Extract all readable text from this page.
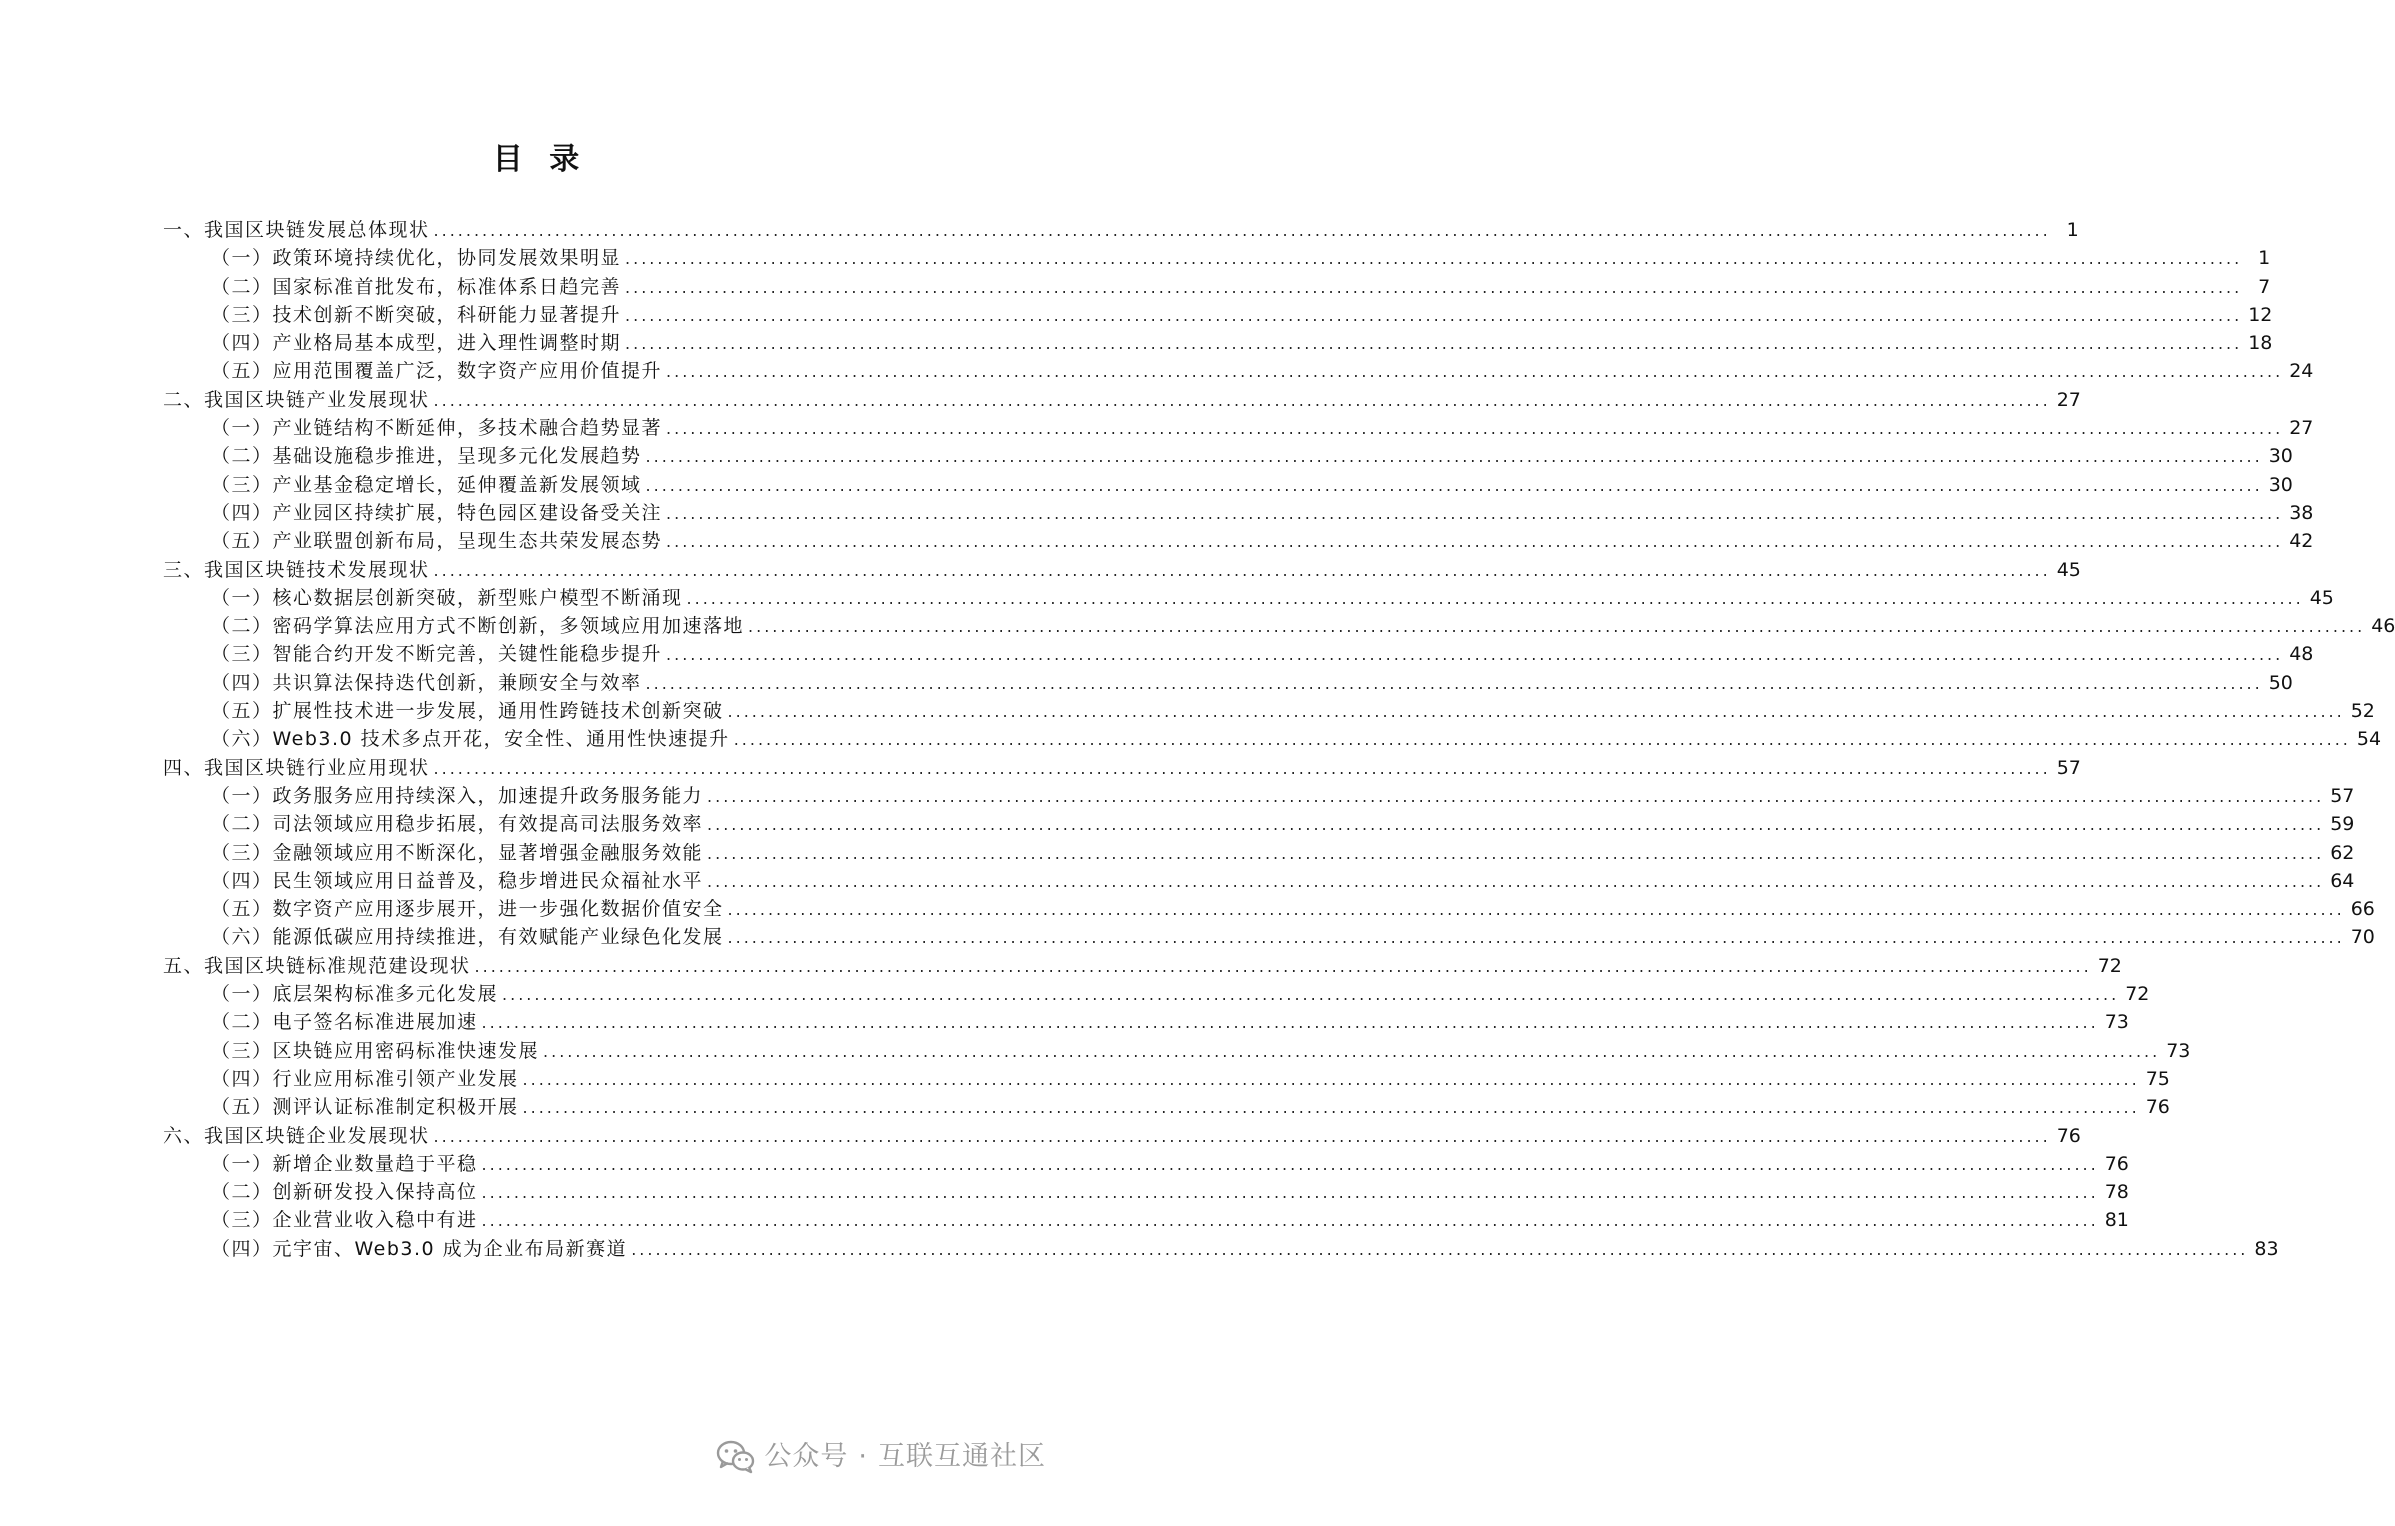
目 录
一、我国区块链发展总体现状 ........................................................................................................................................................................................................ 1
（一）政策环境持续优化，协同发展效果明显 ........................................................................................................................................................................................................ 1
（二）国家标准首批发布，标准体系日趋完善 ........................................................................................................................................................................................................ 7
（三）技术创新不断突破，科研能力显著提升 ........................................................................................................................................................................................................ 12
（四）产业格局基本成型，进入理性调整时期 ........................................................................................................................................................................................................ 18
（五）应用范围覆盖广泛，数字资产应用价值提升 ........................................................................................................................................................................................................ 24
二、我国区块链产业发展现状 ........................................................................................................................................................................................................ 27
（一）产业链结构不断延伸，多技术融合趋势显著 ........................................................................................................................................................................................................ 27
（二）基础设施稳步推进，呈现多元化发展趋势 ........................................................................................................................................................................................................ 30
（三）产业基金稳定增长，延伸覆盖新发展领域 ........................................................................................................................................................................................................ 30
（四）产业园区持续扩展，特色园区建设备受关注 ........................................................................................................................................................................................................ 38
（五）产业联盟创新布局，呈现生态共荣发展态势 ........................................................................................................................................................................................................ 42
三、我国区块链技术发展现状 ........................................................................................................................................................................................................ 45
（一）核心数据层创新突破，新型账户模型不断涌现 ........................................................................................................................................................................................................ 45
（二）密码学算法应用方式不断创新，多领域应用加速落地 ........................................................................................................................................................................................................ 46
（三）智能合约开发不断完善，关键性能稳步提升 ........................................................................................................................................................................................................ 48
（四）共识算法保持迭代创新，兼顾安全与效率 ........................................................................................................................................................................................................ 50
（五）扩展性技术进一步发展，通用性跨链技术创新突破 ........................................................................................................................................................................................................ 52
（六）Web3.0 技术多点开花，安全性、通用性快速提升 ........................................................................................................................................................................................................ 54
四、我国区块链行业应用现状 ........................................................................................................................................................................................................ 57
（一）政务服务应用持续深入，加速提升政务服务能力 ........................................................................................................................................................................................................ 57
（二）司法领域应用稳步拓展，有效提高司法服务效率 ........................................................................................................................................................................................................ 59
（三）金融领域应用不断深化，显著增强金融服务效能 ........................................................................................................................................................................................................ 62
（四）民生领域应用日益普及，稳步增进民众福祉水平 ........................................................................................................................................................................................................ 64
（五）数字资产应用逐步展开，进一步强化数据价值安全 ........................................................................................................................................................................................................ 66
（六）能源低碳应用持续推进，有效赋能产业绿色化发展 ........................................................................................................................................................................................................ 70
五、我国区块链标准规范建设现状 ........................................................................................................................................................................................................ 72
（一）底层架构标准多元化发展 ........................................................................................................................................................................................................ 72
（二）电子签名标准进展加速 ........................................................................................................................................................................................................ 73
（三）区块链应用密码标准快速发展 ........................................................................................................................................................................................................ 73
（四）行业应用标准引领产业发展 ........................................................................................................................................................................................................ 75
（五）测评认证标准制定积极开展 ........................................................................................................................................................................................................ 76
六、我国区块链企业发展现状 ........................................................................................................................................................................................................ 76
（一）新增企业数量趋于平稳 ........................................................................................................................................................................................................ 76
（二）创新研发投入保持高位 ........................................................................................................................................................................................................ 78
（三）企业营业收入稳中有进 ........................................................................................................................................................................................................ 81
（四）元宇宙、Web3.0 成为企业布局新赛道 ........................................................................................................................................................................................................ 83
公众号 · 互联互通社区
